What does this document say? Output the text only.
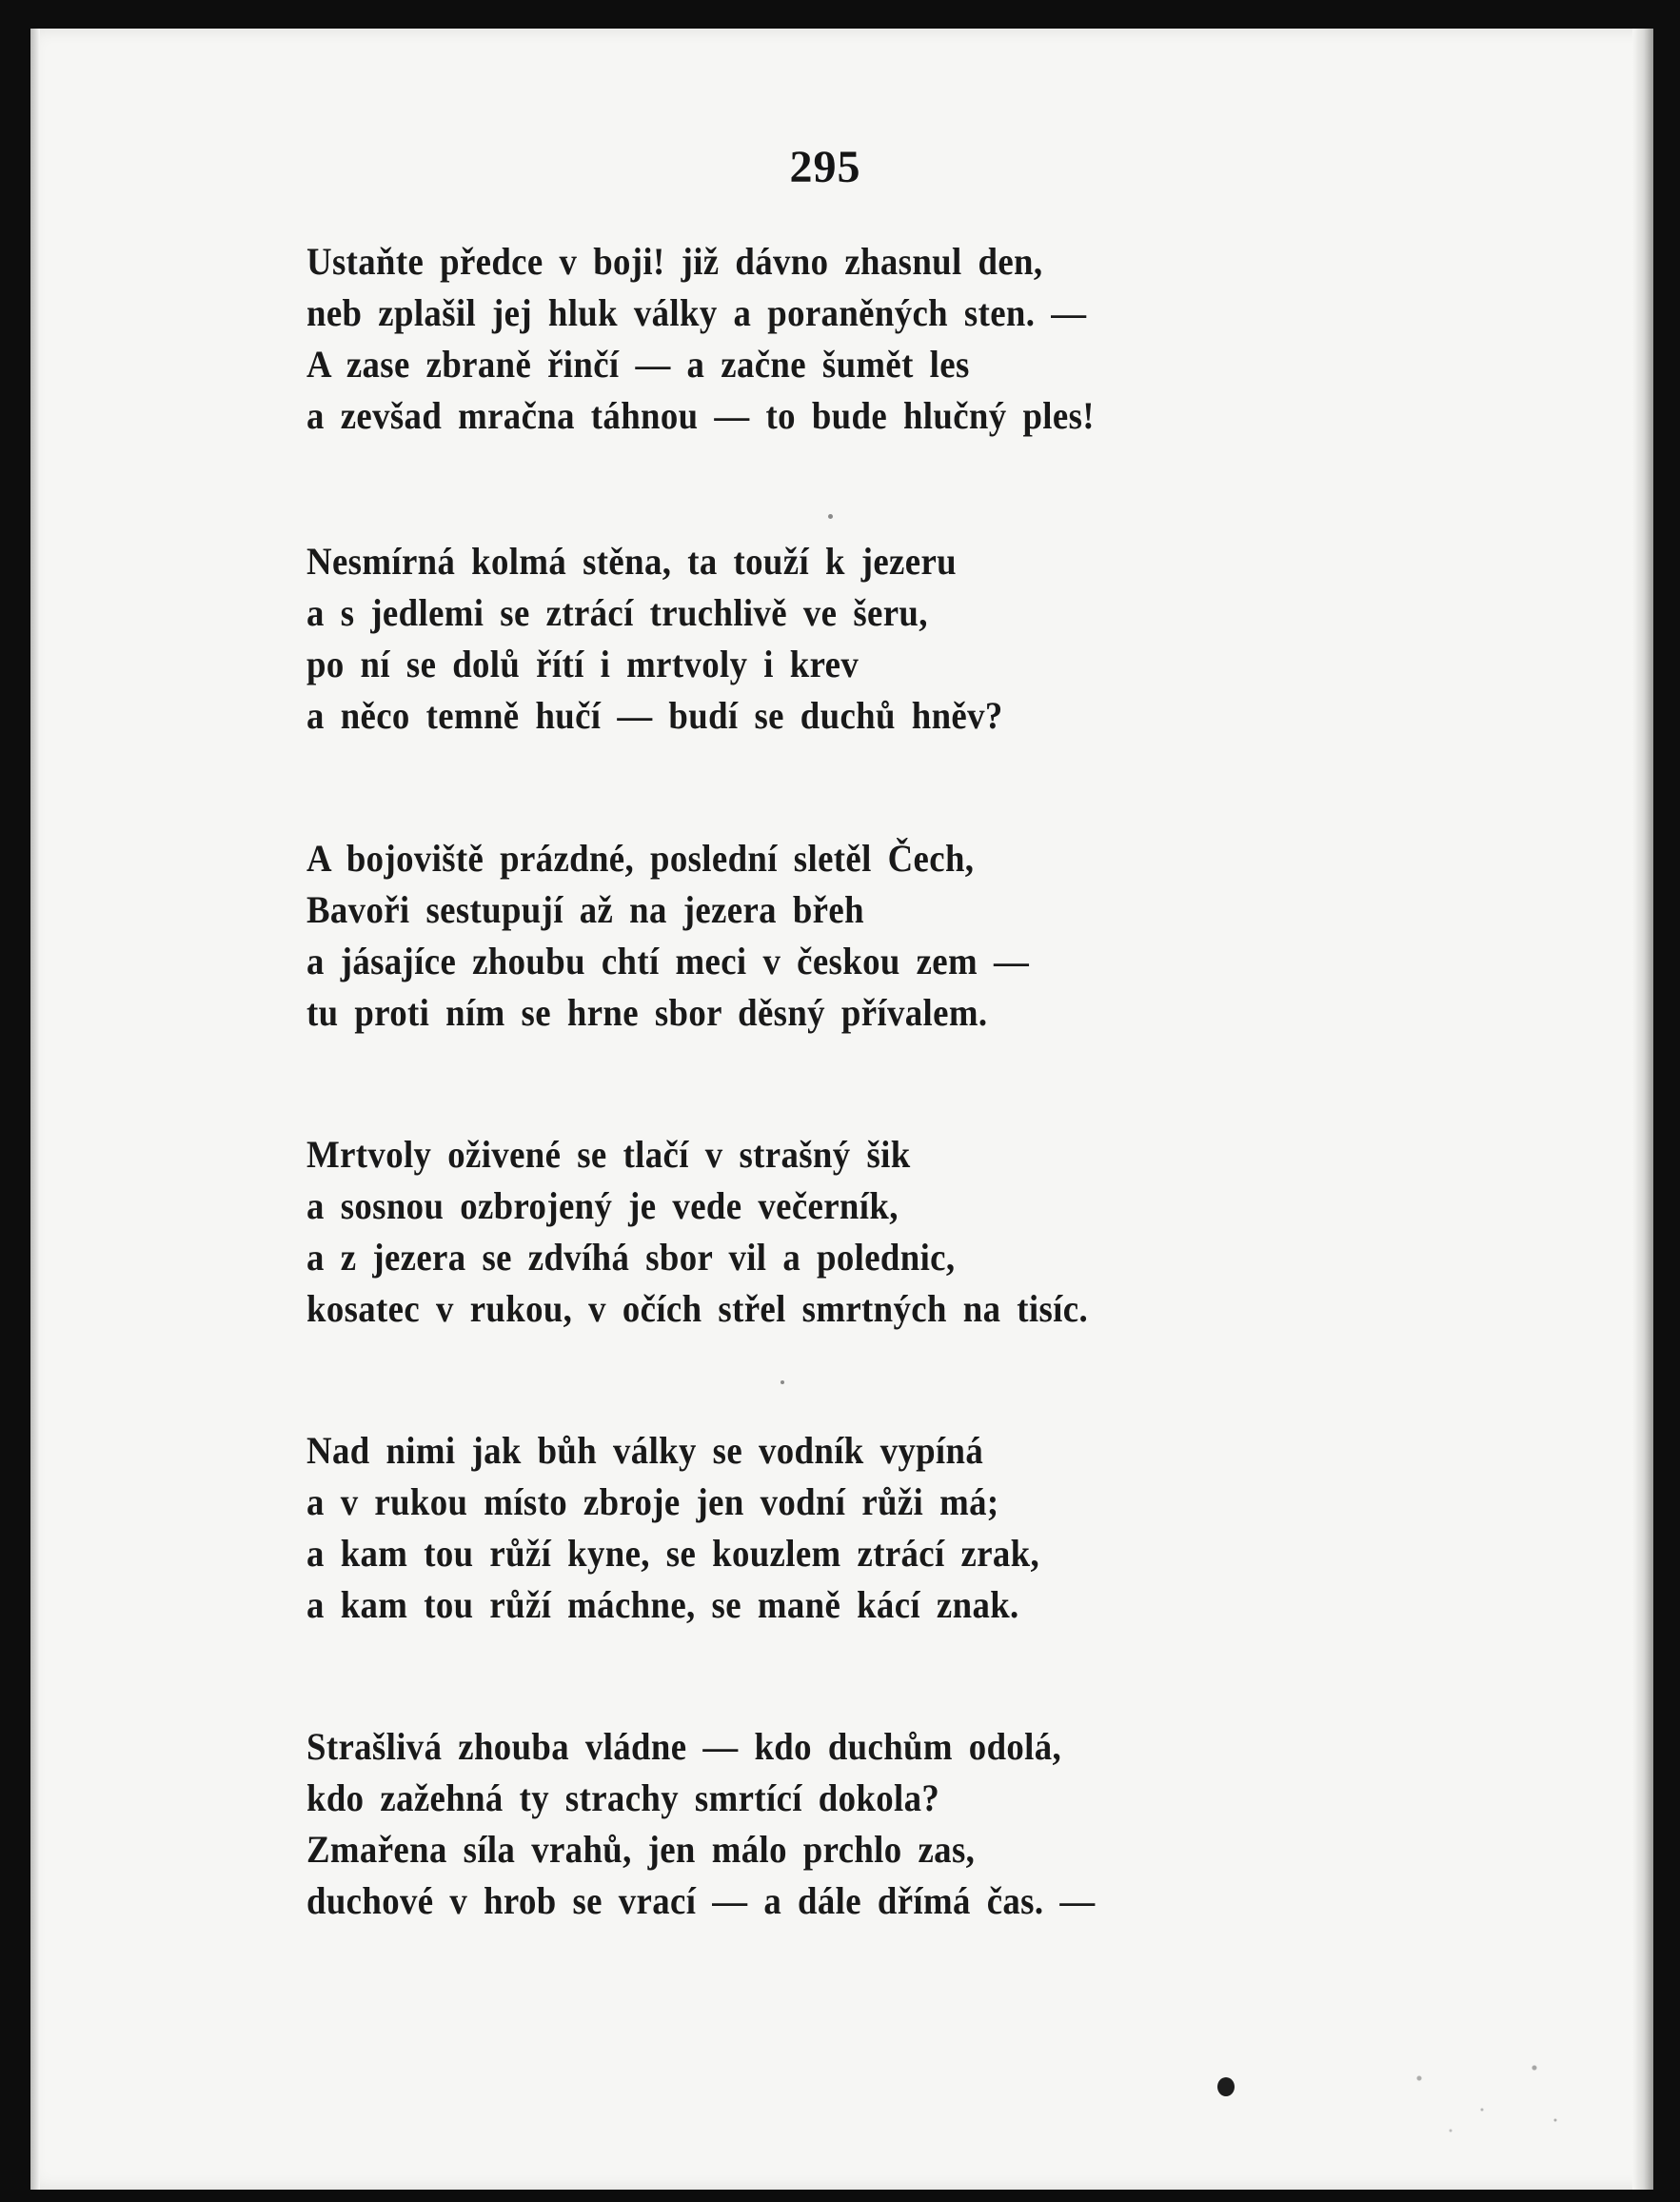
295
Ustaňte předce v boji! již dávno zhasnul den,
neb zplašil jej hluk války a poraněných sten. —
A zase zbraně řinčí — a začne šumět les
a zevšad mračna táhnou — to bude hlučný ples!
Nesmírná kolmá stěna, ta touží k jezeru
a s jedlemi se ztrácí truchlivě ve šeru,
po ní se dolů řítí i mrtvoly i krev
a něco temně hučí — budí se duchů hněv?
A bojoviště prázdné, poslední sletěl Čech,
Bavoři sestupují až na jezera břeh
a jásajíce zhoubu chtí meci v českou zem —
tu proti ním se hrne sbor děsný přívalem.
Mrtvoly oživené se tlačí v strašný šik
a sosnou ozbrojený je vede večerník,
a z jezera se zdvíhá sbor vil a polednic,
kosatec v rukou, v očích střel smrtných na tisíc.
Nad nimi jak bůh války se vodník vypíná
a v rukou místo zbroje jen vodní růži má;
a kam tou růží kyne, se kouzlem ztrácí zrak,
a kam tou růží máchne, se maně kácí znak.
Strašlivá zhouba vládne — kdo duchům odolá,
kdo zažehná ty strachy smrtící dokola?
Zmařena síla vrahů, jen málo prchlo zas,
duchové v hrob se vrací — a dále dřímá čas. —
